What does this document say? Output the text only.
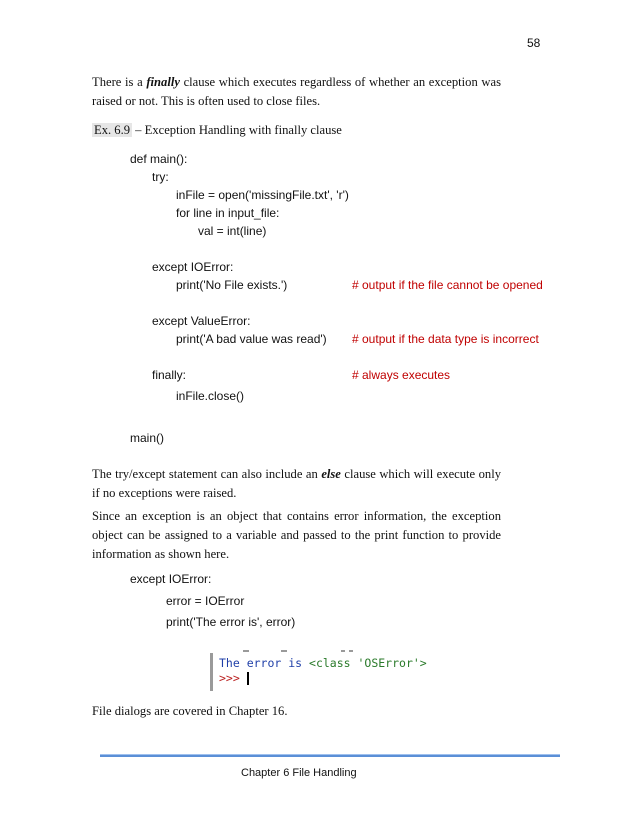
58

There is a finally clause which executes regardless of whether an exception was raised or not. This is often used to close files.

Ex. 6.9 – Exception Handling with finally clause
def main():
try:
inFile = open('missingFile.txt', 'r')
for line in input_file:
val = int(line)
except IOError:
print('No File exists.')
except ValueError:
print('A bad value was read')
finally:
inFile.close()
main()
# output if the file cannot be opened
# output if the data type is incorrect
# always executes

The try/except statement can also include an else clause which will execute only if no exceptions were raised.

Since an exception is an object that contains error information, the exception object can be assigned to a variable and passed to the print function to provide information as shown here.

except IOError:
error = IOError
print('The error is', error)
The error is <class 'OSError'>
>>>
File dialogs are covered in Chapter 16.
Chapter 6 File Handling
